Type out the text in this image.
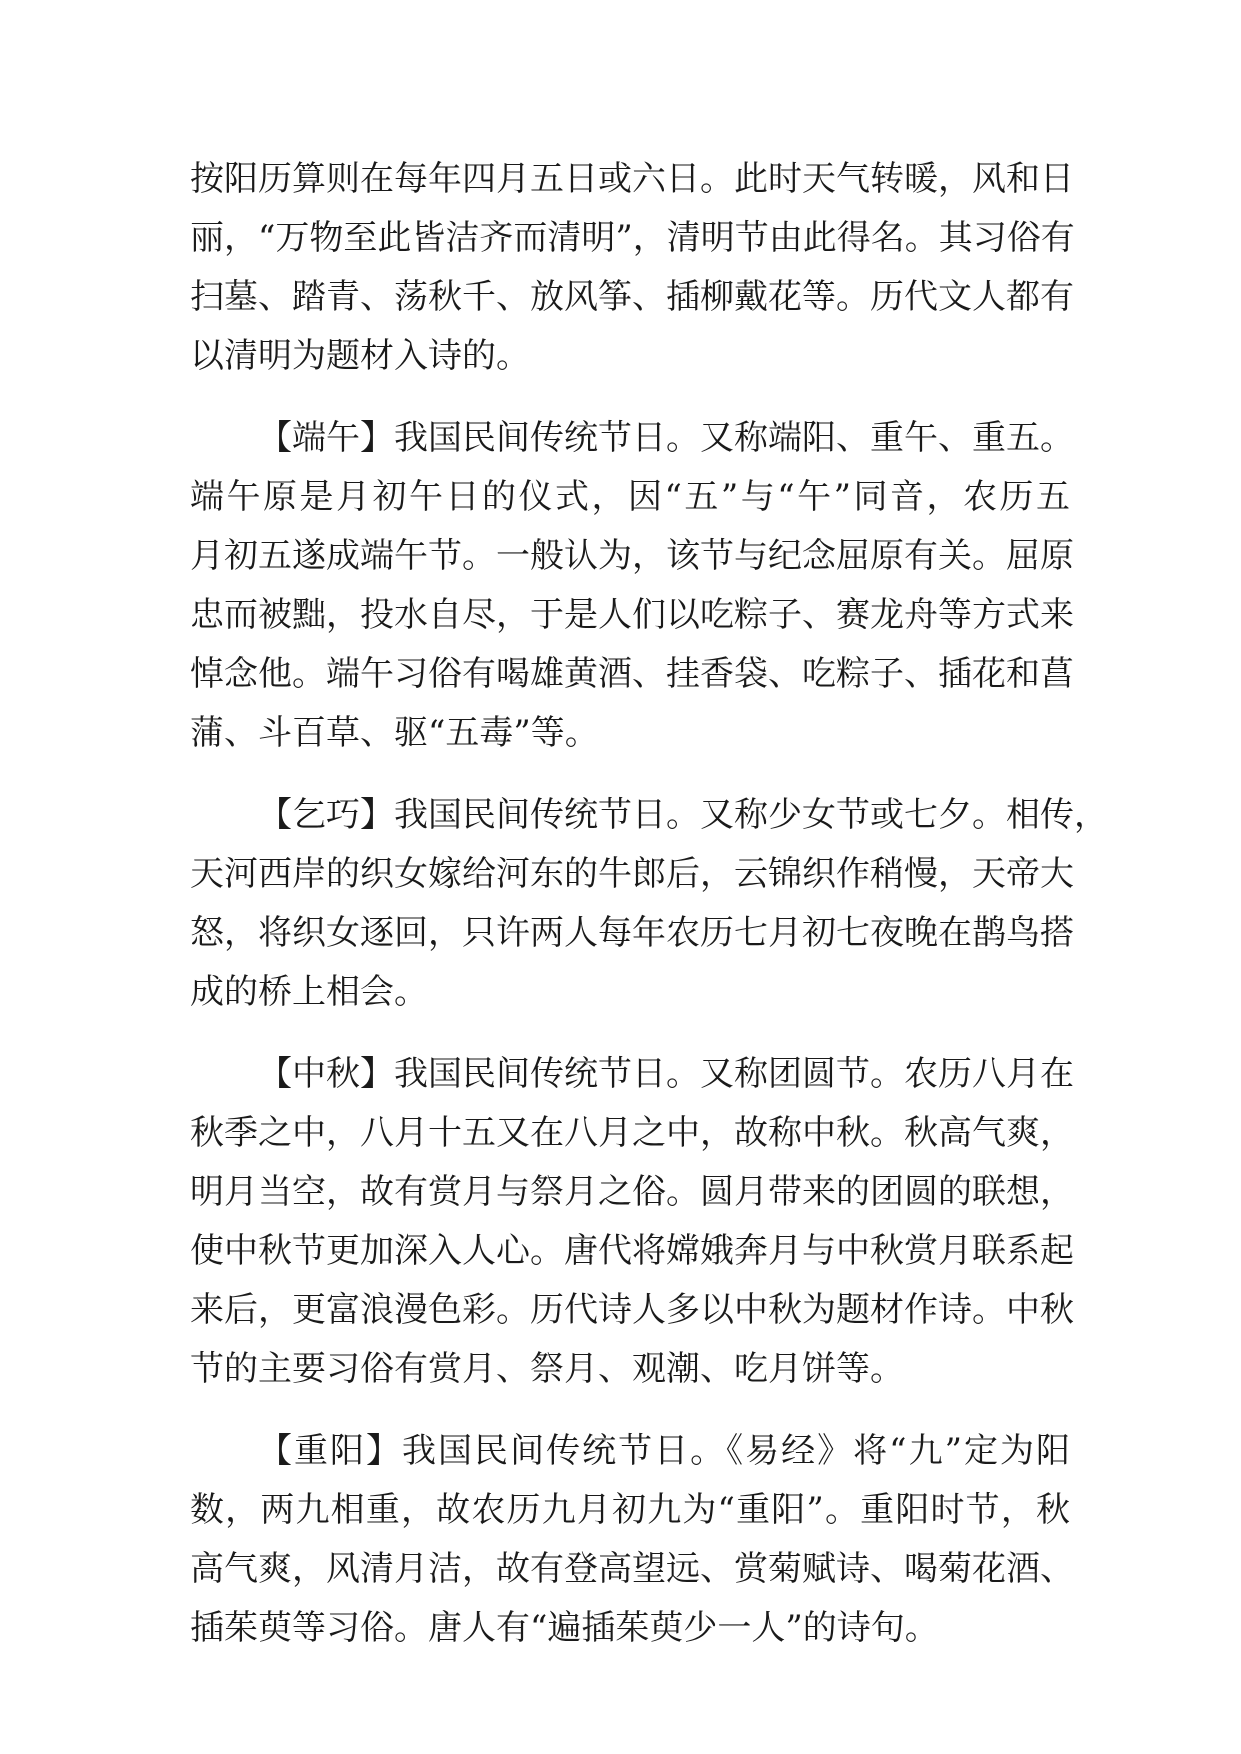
按阳历算则在每年四月五日或六日。此时天气转暖，风和日
丽，“万物至此皆洁齐而清明”，清明节由此得名。其习俗有
扫墓、踏青、荡秋千、放风筝、插柳戴花等。历代文人都有
以清明为题材入诗的。
【端午】我国民间传统节日。又称端阳、重午、重五。
端午原是月初午日的仪式，因“五”与“午”同音，农历五
月初五遂成端午节。一般认为，该节与纪念屈原有关。屈原
忠而被黜，投水自尽，于是人们以吃粽子、赛龙舟等方式来
悼念他。端午习俗有喝雄黄酒、挂香袋、吃粽子、插花和菖
蒲、斗百草、驱“五毒”等。
【乞巧】我国民间传统节日。又称少女节或七夕。相传，
天河西岸的织女嫁给河东的牛郎后，云锦织作稍慢，天帝大
怒，将织女逐回，只许两人每年农历七月初七夜晚在鹊鸟搭
成的桥上相会。
【中秋】我国民间传统节日。又称团圆节。农历八月在
秋季之中，八月十五又在八月之中，故称中秋。秋高气爽，
明月当空，故有赏月与祭月之俗。圆月带来的团圆的联想，
使中秋节更加深入人心。唐代将嫦娥奔月与中秋赏月联系起
来后，更富浪漫色彩。历代诗人多以中秋为题材作诗。中秋
节的主要习俗有赏月、祭月、观潮、吃月饼等。
【重阳】我国民间传统节日。《易经》将“九”定为阳
数，两九相重，故农历九月初九为“重阳”。重阳时节，秋
高气爽，风清月洁，故有登高望远、赏菊赋诗、喝菊花酒、
插茱萸等习俗。唐人有“遍插茱萸少一人”的诗句。
